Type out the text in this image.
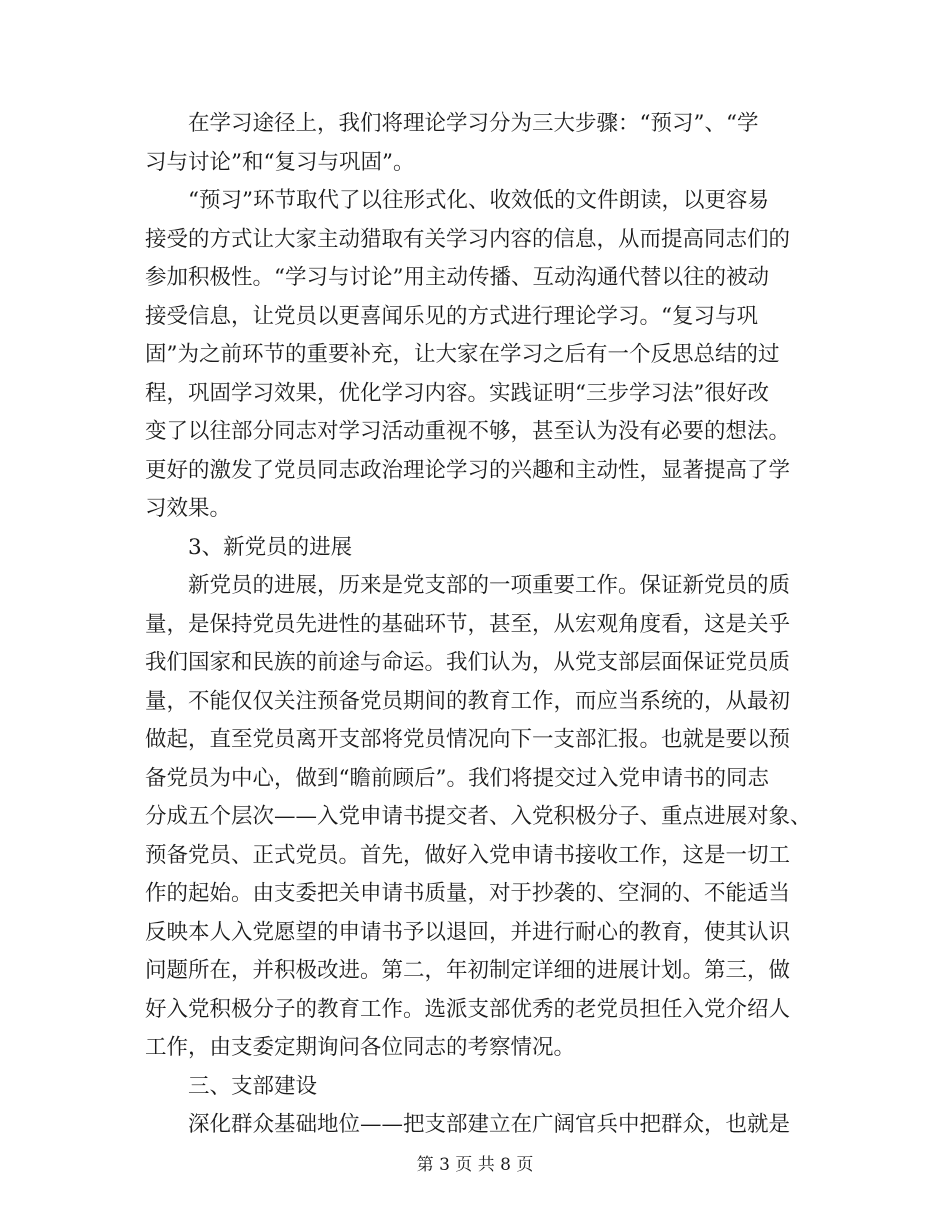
在学习途径上，我们将理论学习分为三大步骤：“预习”、“学
习与讨论”和“复习与巩固”。
“预习”环节取代了以往形式化、收效低的文件朗读，以更容易
接受的方式让大家主动猎取有关学习内容的信息，从而提高同志们的
参加积极性。“学习与讨论”用主动传播、互动沟通代替以往的被动
接受信息，让党员以更喜闻乐见的方式进行理论学习。“复习与巩
固”为之前环节的重要补充，让大家在学习之后有一个反思总结的过
程，巩固学习效果，优化学习内容。实践证明“三步学习法”很好改
变了以往部分同志对学习活动重视不够，甚至认为没有必要的想法。
更好的激发了党员同志政治理论学习的兴趣和主动性，显著提高了学
习效果。
3、新党员的进展
新党员的进展，历来是党支部的一项重要工作。保证新党员的质
量，是保持党员先进性的基础环节，甚至，从宏观角度看，这是关乎
我们国家和民族的前途与命运。我们认为，从党支部层面保证党员质
量，不能仅仅关注预备党员期间的教育工作，而应当系统的，从最初
做起，直至党员离开支部将党员情况向下一支部汇报。也就是要以预
备党员为中心，做到“瞻前顾后”。我们将提交过入党申请书的同志
分成五个层次——入党申请书提交者、入党积极分子、重点进展对象、
预备党员、正式党员。首先，做好入党申请书接收工作，这是一切工
作的起始。由支委把关申请书质量，对于抄袭的、空洞的、不能适当
反映本人入党愿望的申请书予以退回，并进行耐心的教育，使其认识
问题所在，并积极改进。第二，年初制定详细的进展计划。第三，做
好入党积极分子的教育工作。选派支部优秀的老党员担任入党介绍人
工作，由支委定期询问各位同志的考察情况。
三、支部建设
深化群众基础地位——把支部建立在广阔官兵中把群众，也就是
第 3 页 共 8 页
